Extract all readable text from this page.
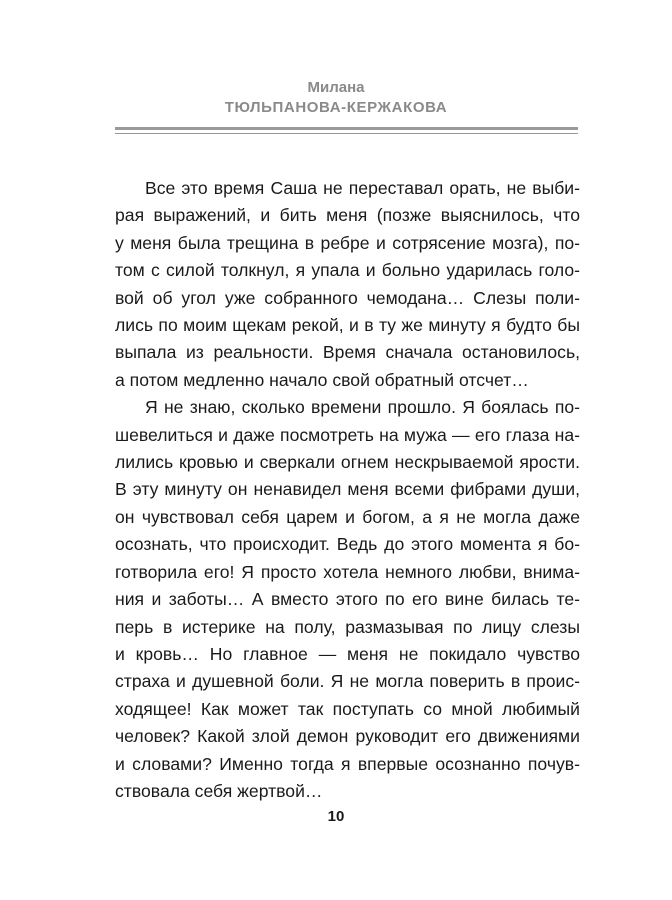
Милана
ТЮЛЬПАНОВА-КЕРЖАКОВА
Все это время Саша не переставал орать, не выби-
рая выражений, и бить меня (позже выяснилось, что
у меня была трещина в ребре и сотрясение мозга), по-
том с силой толкнул, я упала и больно ударилась голо-
вой об угол уже собранного чемодана… Слезы поли-
лись по моим щекам рекой, и в ту же минуту я будто бы
выпала из реальности. Время сначала остановилось,
а потом медленно начало свой обратный отсчет…
Я не знаю, сколько времени прошло. Я боялась по-
шевелиться и даже посмотреть на мужа — его глаза на-
лились кровью и сверкали огнем нескрываемой ярости.
В эту минуту он ненавидел меня всеми фибрами души,
он чувствовал себя царем и богом, а я не могла даже
осознать, что происходит. Ведь до этого момента я бо-
готворила его! Я просто хотела немного любви, внима-
ния и заботы… А вместо этого по его вине билась те-
перь в истерике на полу, размазывая по лицу слезы
и кровь… Но главное — меня не покидало чувство
страха и душевной боли. Я не могла поверить в проис-
ходящее! Как может так поступать со мной любимый
человек? Какой злой демон руководит его движениями
и словами? Именно тогда я впервые осознанно почув-
ствовала себя жертвой…
10
